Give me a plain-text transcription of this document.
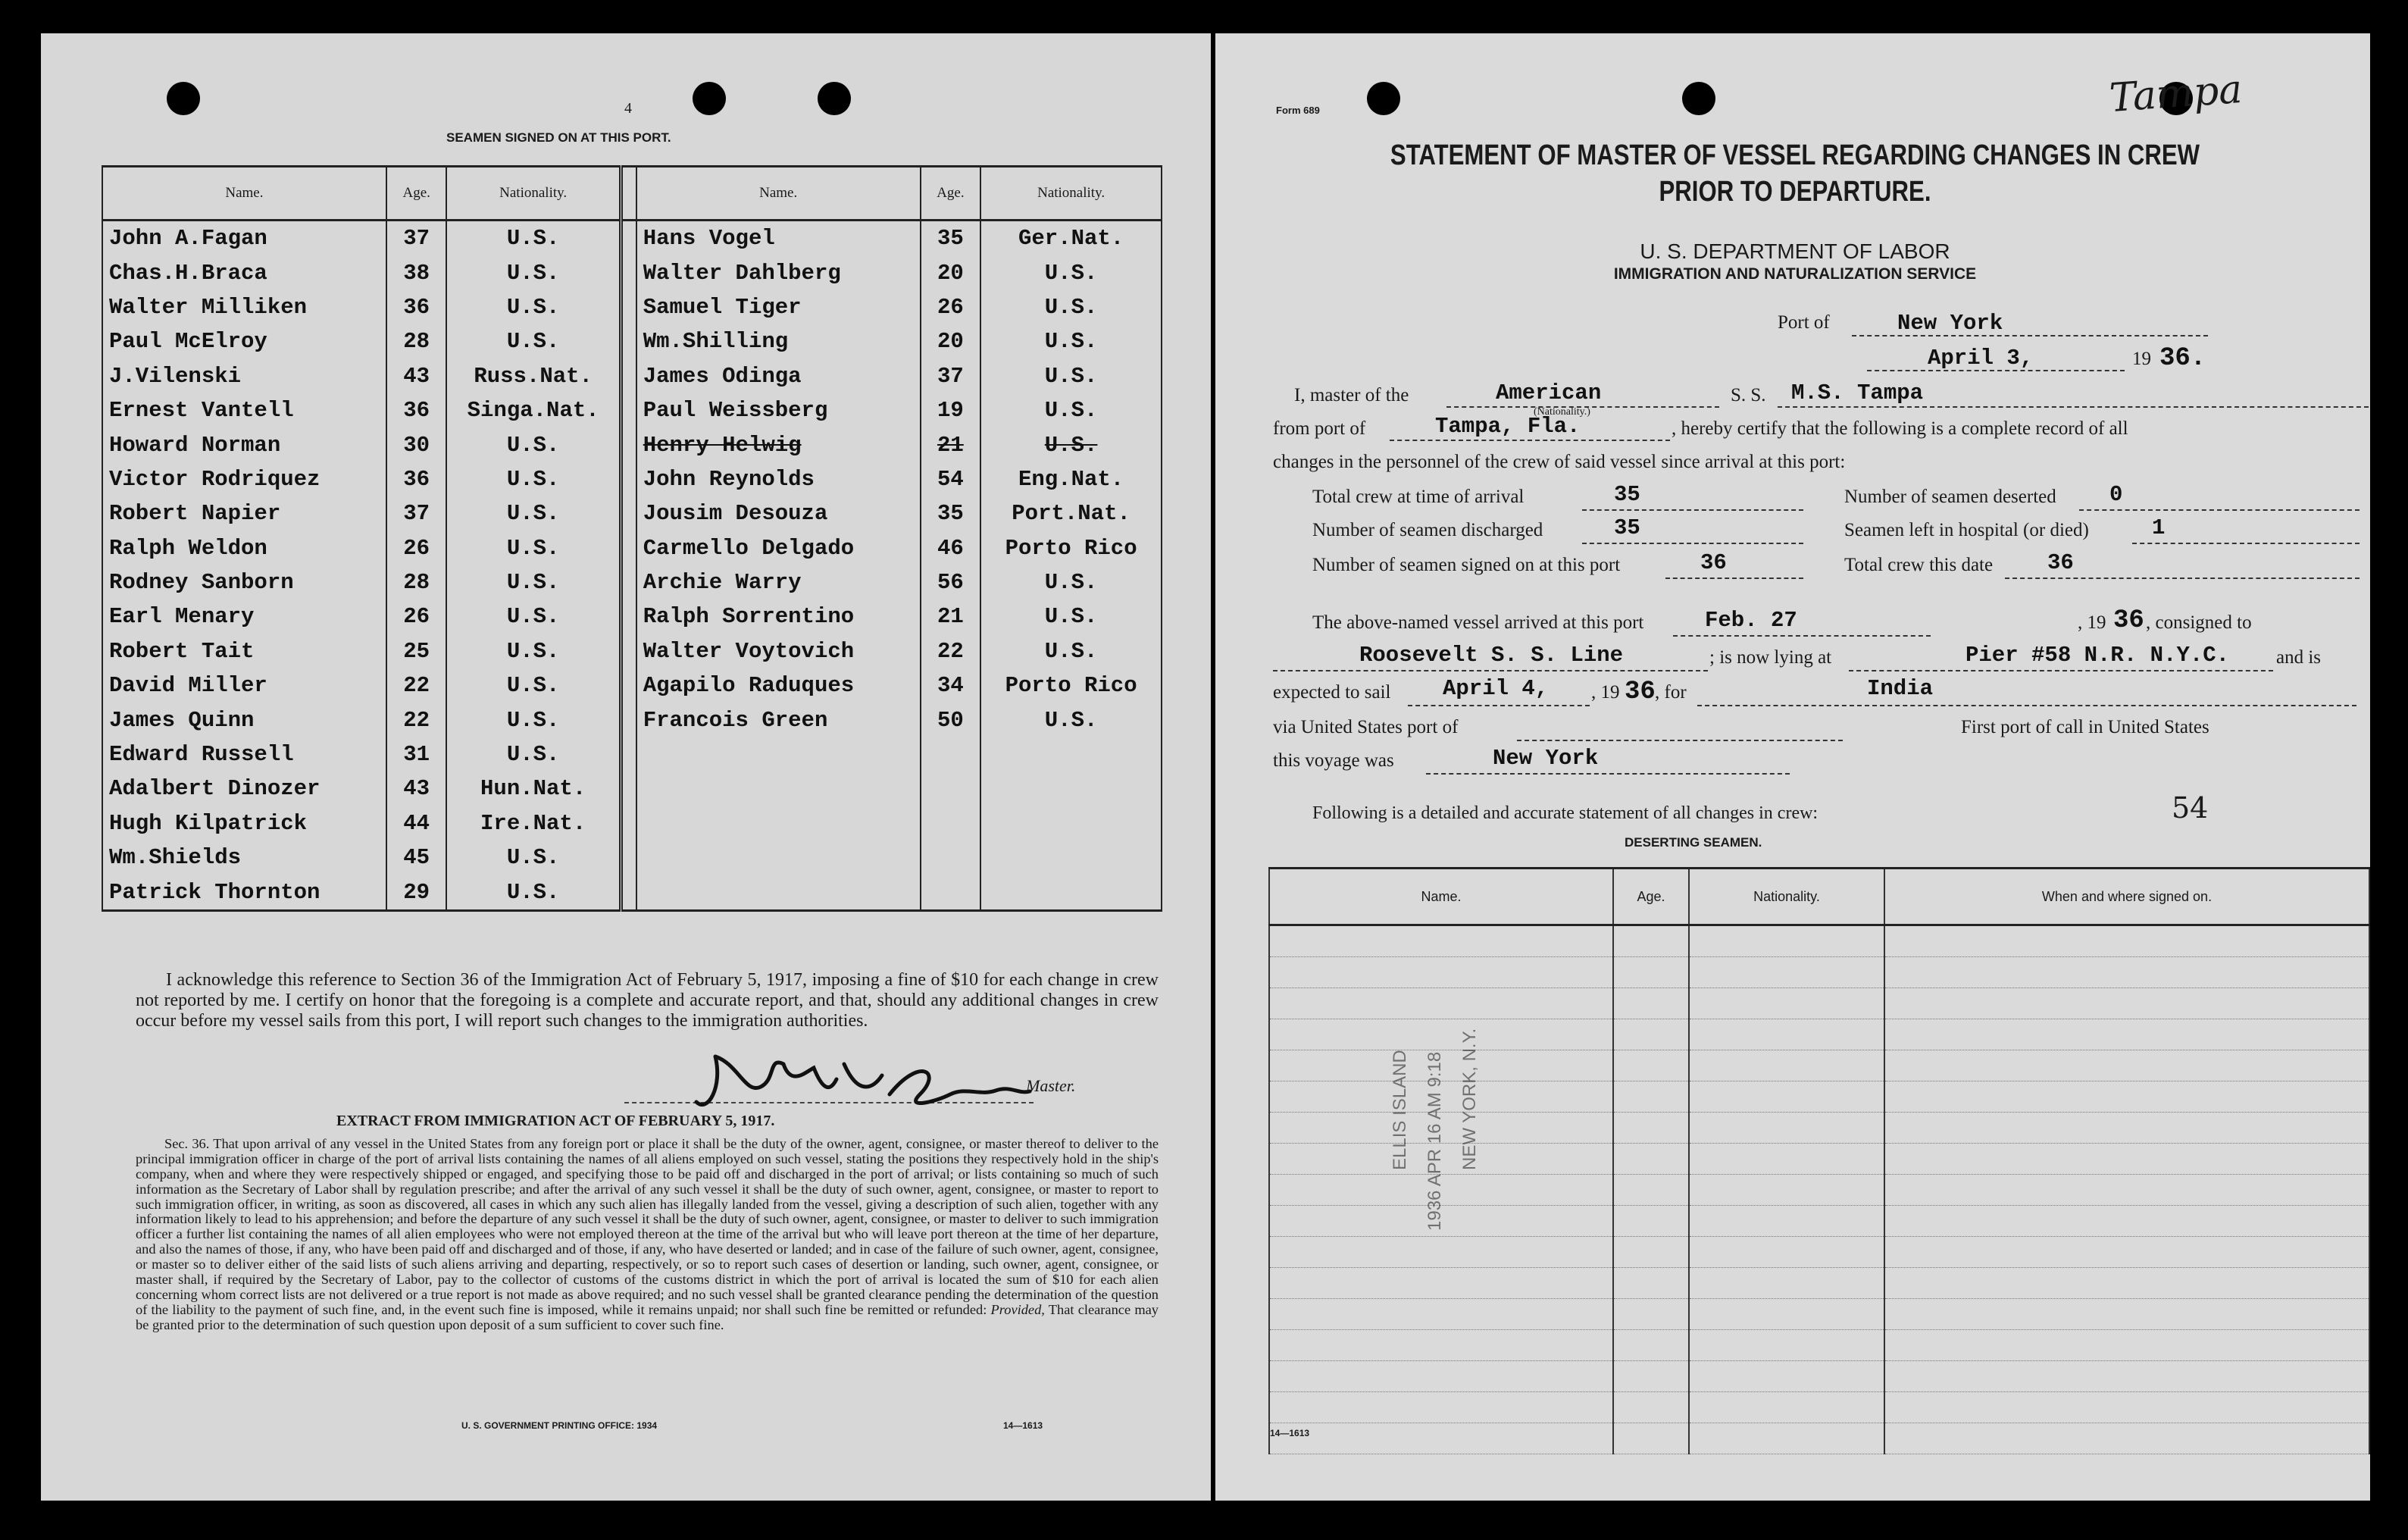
4
SEAMEN SIGNED ON AT THIS PORT.
Name.	Age.	Nationality.		Name.	Age.	Nationality.
John A.Fagan	37	U.S.		Hans Vogel	35	Ger.Nat.
Chas.H.Braca	38	U.S.		Walter Dahlberg	20	U.S.
Walter Milliken	36	U.S.		Samuel Tiger	26	U.S.
Paul McElroy	28	U.S.		Wm.Shilling	20	U.S.
J.Vilenski	43	Russ.Nat.		James Odinga	37	U.S.
Ernest Vantell	36	Singa.Nat.		Paul Weissberg	19	U.S.
Howard Norman	30	U.S.		Henry Helwig	21	U.S.
Victor Rodriquez	36	U.S.		John Reynolds	54	Eng.Nat.
Robert Napier	37	U.S.		Jousim Desouza	35	Port.Nat.
Ralph Weldon	26	U.S.		Carmello Delgado	46	Porto Rico
Rodney Sanborn	28	U.S.		Archie Warry	56	U.S.
Earl Menary	26	U.S.		Ralph Sorrentino	21	U.S.
Robert Tait	25	U.S.		Walter Voytovich	22	U.S.
David Miller	22	U.S.		Agapilo Raduques	34	Porto Rico
James Quinn	22	U.S.		Francois Green	50	U.S.
Edward Russell	31	U.S.				
Adalbert Dinozer	43	Hun.Nat.				
Hugh Kilpatrick	44	Ire.Nat.				
Wm.Shields	45	U.S.				
Patrick Thornton	29	U.S.				
I acknowledge this reference to Section 36 of the Immigration Act of February 5, 1917, imposing a fine of $10 for each change in crew not reported by me. I certify on honor that the foregoing is a complete and accurate report, and that, should any additional changes in crew occur before my vessel sails from this port, I will report such changes to the immigration authorities.
Master.
EXTRACT FROM IMMIGRATION ACT OF FEBRUARY 5, 1917.
Sec. 36. That upon arrival of any vessel in the United States from any foreign port or place it shall be the duty of the owner, agent, consignee, or master thereof to deliver to the principal immigration officer in charge of the port of arrival lists containing the names of all aliens employed on such vessel, stating the positions they respectively hold in the ship's company, when and where they were respectively shipped or engaged, and specifying those to be paid off and discharged in the port of arrival; or lists containing so much of such information as the Secretary of Labor shall by regulation prescribe; and after the arrival of any such vessel it shall be the duty of such owner, agent, consignee, or master to report to such immigration officer, in writing, as soon as discovered, all cases in which any such alien has illegally landed from the vessel, giving a description of such alien, together with any information likely to lead to his apprehension; and before the departure of any such vessel it shall be the duty of such owner, agent, consignee, or master to deliver to such immigration officer a further list containing the names of all alien employees who were not employed thereon at the time of the arrival but who will leave port thereon at the time of her departure, and also the names of those, if any, who have been paid off and discharged and of those, if any, who have deserted or landed; and in case of the failure of such owner, agent, consignee, or master so to deliver either of the said lists of such aliens arriving and departing, respectively, or so to report such cases of desertion or landing, such owner, agent, consignee, or master shall, if required by the Secretary of Labor, pay to the collector of customs of the customs district in which the port of arrival is located the sum of $10 for each alien concerning whom correct lists are not delivered or a true report is not made as above required; and no such vessel shall be granted clearance pending the determination of the question of the liability to the payment of such fine, and, in the event such fine is imposed, while it remains unpaid; nor shall such fine be remitted or refunded: Provided, That clearance may be granted prior to the determination of such question upon deposit of a sum sufficient to cover such fine.
U. S. GOVERNMENT PRINTING OFFICE: 1934	14—1613
Tampa
Form 689
STATEMENT OF MASTER OF VESSEL REGARDING CHANGES IN CREW
PRIOR TO DEPARTURE.
U. S. DEPARTMENT OF LABOR
IMMIGRATION AND NATURALIZATION SERVICE
Port of	New York
April 3,	19 36.
I, master of the	American
(Nationality.)
S. S. M.S. Tampa
from port of	Tampa, Fla.	, hereby certify that the following is a complete record of all
changes in the personnel of the crew of said vessel since arrival at this port:
Total crew at time of arrival	35
Number of seamen discharged	35
Number of seamen signed on at this port	36
Number of seamen deserted 0
Seamen left in hospital (or died)	1
Total crew this date 36
The above-named vessel arrived at this port	Feb. 27	, 19 36 , consigned to
Roosevelt S. S. Line	; is now lying at	Pier #58 N.R. N.Y.C. and is
expected to sail April 4, , 19 36 , for	India
via United States port of	First port of call in United States
this voyage was	New York
54
Following is a detailed and accurate statement of all changes in crew:
DESERTING SEAMEN.
Name.	Age.	Nationality.	When and where signed on.

ELLIS ISLAND 1936 APR 16 AM 9:18 NEW YORK, N.Y.
14—1613
